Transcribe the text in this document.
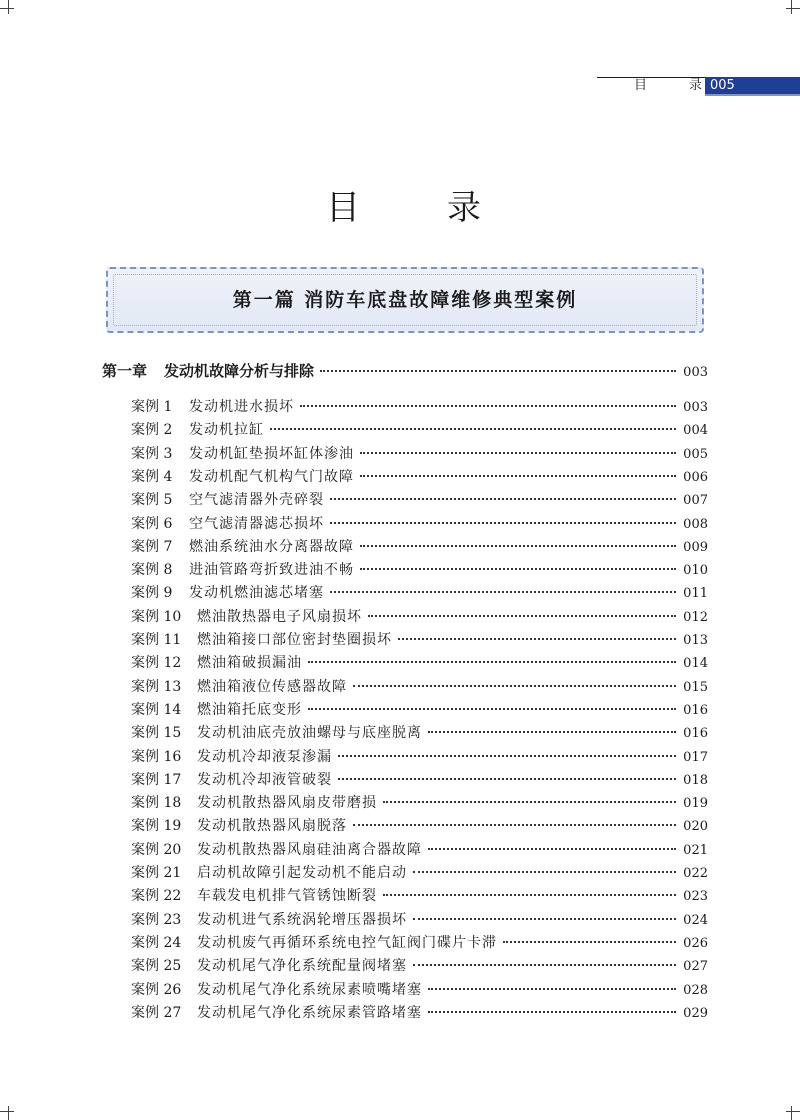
目	录 005
目	录
第一篇 消防车底盘故障维修典型案例
第一章	发动机故障分析与排除	003
案例 1	发动机进水损坏	003
案例 2	发动机拉缸	004
案例 3	发动机缸垫损坏缸体渗油	005
案例 4	发动机配气机构气门故障	006
案例 5	空气滤清器外壳碎裂	007
案例 6	空气滤清器滤芯损坏	008
案例 7	燃油系统油水分离器故障	009
案例 8	进油管路弯折致进油不畅	010
案例 9	发动机燃油滤芯堵塞	011
案例 10	燃油散热器电子风扇损坏	012
案例 11	燃油箱接口部位密封垫圈损坏	013
案例 12	燃油箱破损漏油	014
案例 13	燃油箱液位传感器故障	015
案例 14	燃油箱托底变形	016
案例 15	发动机油底壳放油螺母与底座脱离	016
案例 16	发动机冷却液泵渗漏	017
案例 17	发动机冷却液管破裂	018
案例 18	发动机散热器风扇皮带磨损	019
案例 19	发动机散热器风扇脱落	020
案例 20	发动机散热器风扇硅油离合器故障	021
案例 21	启动机故障引起发动机不能启动	022
案例 22	车载发电机排气管锈蚀断裂	023
案例 23	发动机进气系统涡轮增压器损坏	024
案例 24	发动机废气再循环系统电控气缸阀门碟片卡滞	026
案例 25	发动机尾气净化系统配量阀堵塞	027
案例 26	发动机尾气净化系统尿素喷嘴堵塞	028
案例 27	发动机尾气净化系统尿素管路堵塞	029
